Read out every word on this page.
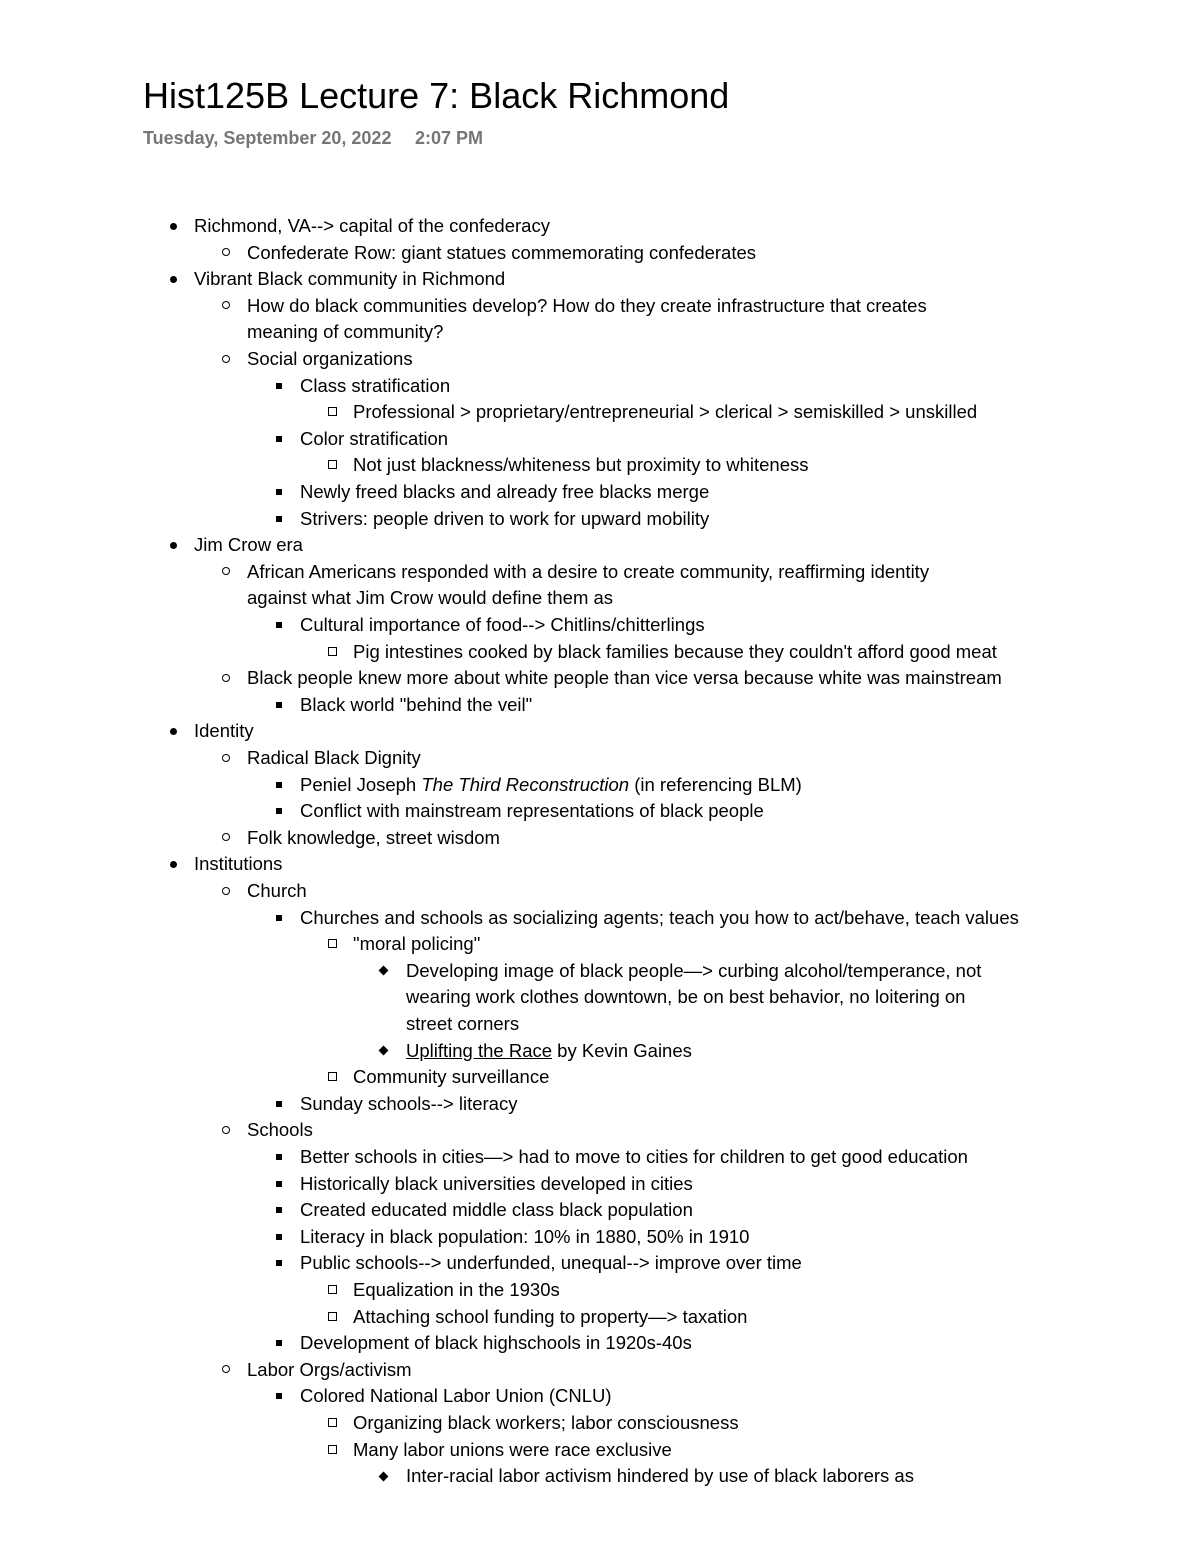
Hist125B Lecture 7: Black Richmond
Tuesday, September 20, 2022 2:07 PM
Richmond, VA--> capital of the confederacy
Confederate Row: giant statues commemorating confederates
Vibrant Black community in Richmond
How do black communities develop? How do they create infrastructure that creates
meaning of community?
Social organizations
Class stratification
Professional > proprietary/entrepreneurial > clerical > semiskilled > unskilled
Color stratification
Not just blackness/whiteness but proximity to whiteness
Newly freed blacks and already free blacks merge
Strivers: people driven to work for upward mobility
Jim Crow era
African Americans responded with a desire to create community, reaffirming identity
against what Jim Crow would define them as
Cultural importance of food--> Chitlins/chitterlings
Pig intestines cooked by black families because they couldn't afford good meat
Black people knew more about white people than vice versa because white was mainstream
Black world "behind the veil"
Identity
Radical Black Dignity
Peniel Joseph The Third Reconstruction (in referencing BLM)
Conflict with mainstream representations of black people
Folk knowledge, street wisdom
Institutions
Church
Churches and schools as socializing agents; teach you how to act/behave, teach values
"moral policing"
Developing image of black people—> curbing alcohol/temperance, not
wearing work clothes downtown, be on best behavior, no loitering on
street corners
Uplifting the Race by Kevin Gaines
Community surveillance
Sunday schools--> literacy
Schools
Better schools in cities—> had to move to cities for children to get good education
Historically black universities developed in cities
Created educated middle class black population
Literacy in black population: 10% in 1880, 50% in 1910
Public schools--> underfunded, unequal--> improve over time
Equalization in the 1930s
Attaching school funding to property—> taxation
Development of black highschools in 1920s-40s
Labor Orgs/activism
Colored National Labor Union (CNLU)
Organizing black workers; labor consciousness
Many labor unions were race exclusive
Inter-racial labor activism hindered by use of black laborers as
